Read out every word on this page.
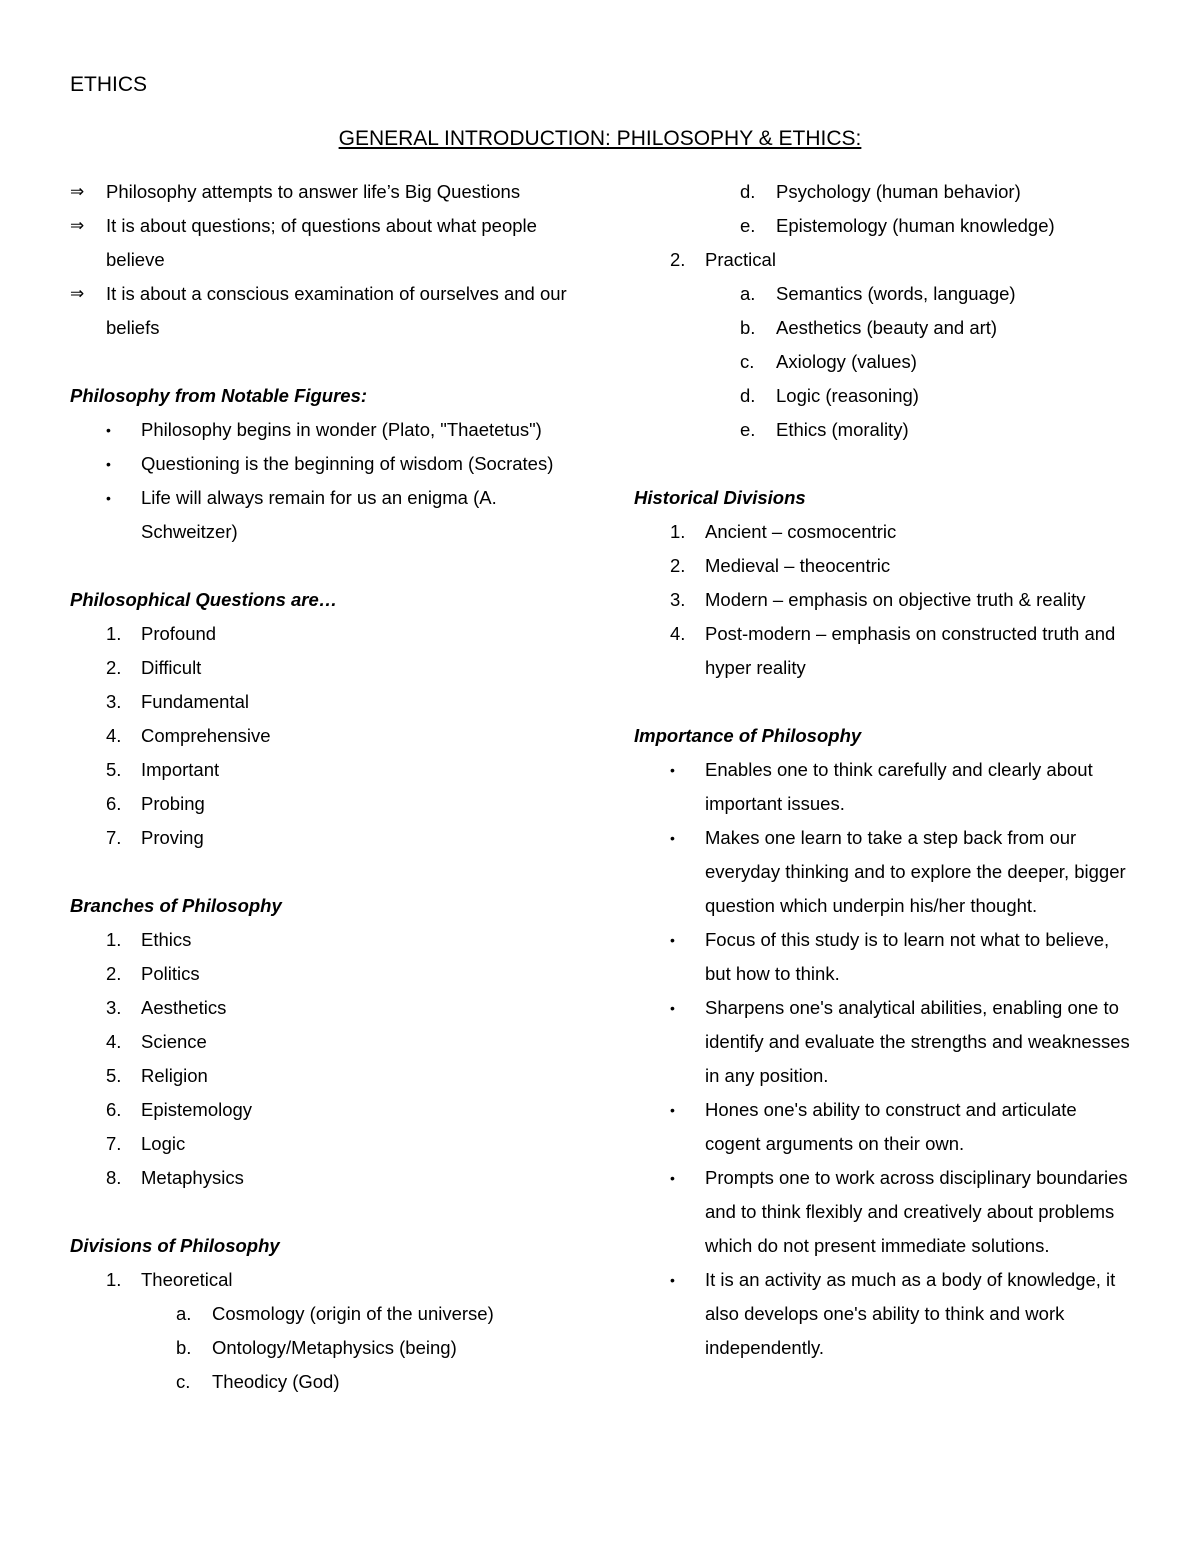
ETHICS
GENERAL INTRODUCTION: PHILOSOPHY & ETHICS:
⇒	Philosophy attempts to answer life’s Big Questions
⇒	It is about questions; of questions about what people believe
⇒	It is about a conscious examination of ourselves and our beliefs
Philosophy from Notable Figures:
•	Philosophy begins in wonder (Plato, "Thaetetus")
•	Questioning is the beginning of wisdom (Socrates)
•	Life will always remain for us an enigma (A. Schweitzer)
Philosophical Questions are…
1.	Profound
2.	Difficult
3.	Fundamental
4.	Comprehensive
5.	Important
6.	Probing
7.	Proving
Branches of Philosophy
1.	Ethics
2.	Politics
3.	Aesthetics
4.	Science
5.	Religion
6.	Epistemology
7.	Logic
8.	Metaphysics
Divisions of Philosophy
1.	Theoretical
a.	Cosmology (origin of the universe)
b.	Ontology/Metaphysics (being)
c.	Theodicy (God)
d.	Psychology (human behavior)
e.	Epistemology (human knowledge)
2.	Practical
a.	Semantics (words, language)
b.	Aesthetics (beauty and art)
c.	Axiology (values)
d.	Logic (reasoning)
e.	Ethics (morality)
Historical Divisions
1.	Ancient – cosmocentric
2.	Medieval – theocentric
3.	Modern – emphasis on objective truth & reality
4.	Post-modern – emphasis on constructed truth and hyper reality
Importance of Philosophy
•	Enables one to think carefully and clearly about important issues.
•	Makes one learn to take a step back from our everyday thinking and to explore the deeper, bigger question which underpin his/her thought.
•	Focus of this study is to learn not what to believe, but how to think.
•	Sharpens one's analytical abilities, enabling one to identify and evaluate the strengths and weaknesses in any position.
•	Hones one's ability to construct and articulate cogent arguments on their own.
•	Prompts one to work across disciplinary boundaries and to think flexibly and creatively about problems which do not present immediate solutions.
•	It is an activity as much as a body of knowledge, it also develops one's ability to think and work independently.
